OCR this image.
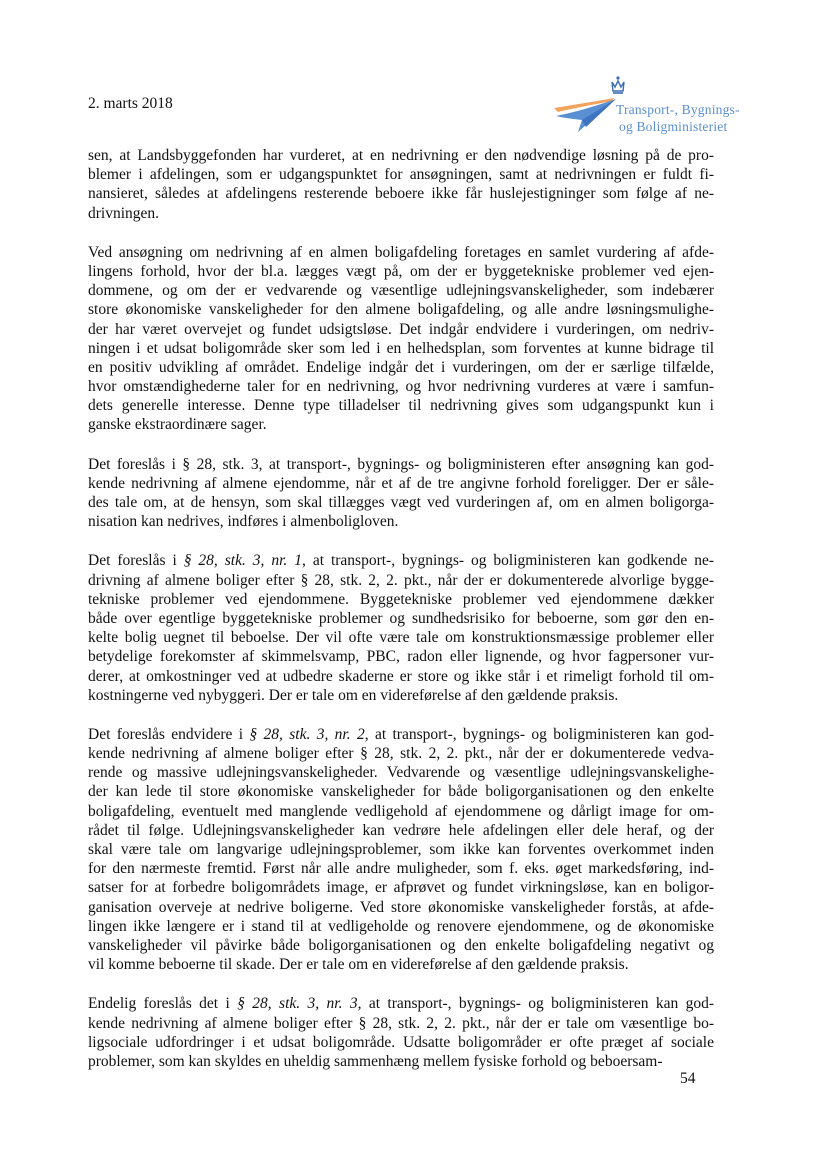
2. marts 2018	Transport-, Bygnings-
og Boligministeriet
sen, at Landsbyggefonden har vurderet, at en nedrivning er den nødvendige løsning på de pro-
blemer i afdelingen, som er udgangspunktet for ansøgningen, samt at nedrivningen er fuldt fi-
nansieret, således at afdelingens resterende beboere ikke får huslejestigninger som følge af ne-
drivningen.
Ved ansøgning om nedrivning af en almen boligafdeling foretages en samlet vurdering af afde-
lingens forhold, hvor der bl.a. lægges vægt på, om der er byggetekniske problemer ved ejen-
dommene, og om der er vedvarende og væsentlige udlejningsvanskeligheder, som indebærer
store økonomiske vanskeligheder for den almene boligafdeling, og alle andre løsningsmulighe-
der har været overvejet og fundet udsigtsløse. Det indgår endvidere i vurderingen, om nedriv-
ningen i et udsat boligområde sker som led i en helhedsplan, som forventes at kunne bidrage til
en positiv udvikling af området. Endelige indgår det i vurderingen, om der er særlige tilfælde,
hvor omstændighederne taler for en nedrivning, og hvor nedrivning vurderes at være i samfun-
dets generelle interesse. Denne type tilladelser til nedrivning gives som udgangspunkt kun i
ganske ekstraordinære sager.
Det foreslås i § 28, stk. 3, at transport-, bygnings- og boligministeren efter ansøgning kan god-
kende nedrivning af almene ejendomme, når et af de tre angivne forhold foreligger. Der er såle-
des tale om, at de hensyn, som skal tillægges vægt ved vurderingen af, om en almen boligorga-
nisation kan nedrives, indføres i almenboligloven.
Det foreslås i § 28, stk. 3, nr. 1, at transport-, bygnings- og boligministeren kan godkende ne-
drivning af almene boliger efter § 28, stk. 2, 2. pkt., når der er dokumenterede alvorlige bygge-
tekniske problemer ved ejendommene. Byggetekniske problemer ved ejendommene dækker
både over egentlige byggetekniske problemer og sundhedsrisiko for beboerne, som gør den en-
kelte bolig uegnet til beboelse. Der vil ofte være tale om konstruktionsmæssige problemer eller
betydelige forekomster af skimmelsvamp, PBC, radon eller lignende, og hvor fagpersoner vur-
derer, at omkostninger ved at udbedre skaderne er store og ikke står i et rimeligt forhold til om-
kostningerne ved nybyggeri. Der er tale om en videreførelse af den gældende praksis.
Det foreslås endvidere i § 28, stk. 3, nr. 2, at transport-, bygnings- og boligministeren kan god-
kende nedrivning af almene boliger efter § 28, stk. 2, 2. pkt., når der er dokumenterede vedva-
rende og massive udlejningsvanskeligheder. Vedvarende og væsentlige udlejningsvanskelighe-
der kan lede til store økonomiske vanskeligheder for både boligorganisationen og den enkelte
boligafdeling, eventuelt med manglende vedligehold af ejendommene og dårligt image for om-
rådet til følge. Udlejningsvanskeligheder kan vedrøre hele afdelingen eller dele heraf, og der
skal være tale om langvarige udlejningsproblemer, som ikke kan forventes overkommet inden
for den nærmeste fremtid. Først når alle andre muligheder, som f. eks. øget markedsføring, ind-
satser for at forbedre boligområdets image, er afprøvet og fundet virkningsløse, kan en boligor-
ganisation overveje at nedrive boligerne. Ved store økonomiske vanskeligheder forstås, at afde-
lingen ikke længere er i stand til at vedligeholde og renovere ejendommene, og de økonomiske
vanskeligheder vil påvirke både boligorganisationen og den enkelte boligafdeling negativt og
vil komme beboerne til skade. Der er tale om en videreførelse af den gældende praksis.
Endelig foreslås det i § 28, stk. 3, nr. 3, at transport-, bygnings- og boligministeren kan god-
kende nedrivning af almene boliger efter § 28, stk. 2, 2. pkt., når der er tale om væsentlige bo-
ligsociale udfordringer i et udsat boligområde. Udsatte boligområder er ofte præget af sociale
problemer, som kan skyldes en uheldig sammenhæng mellem fysiske forhold og beboersam-
54
